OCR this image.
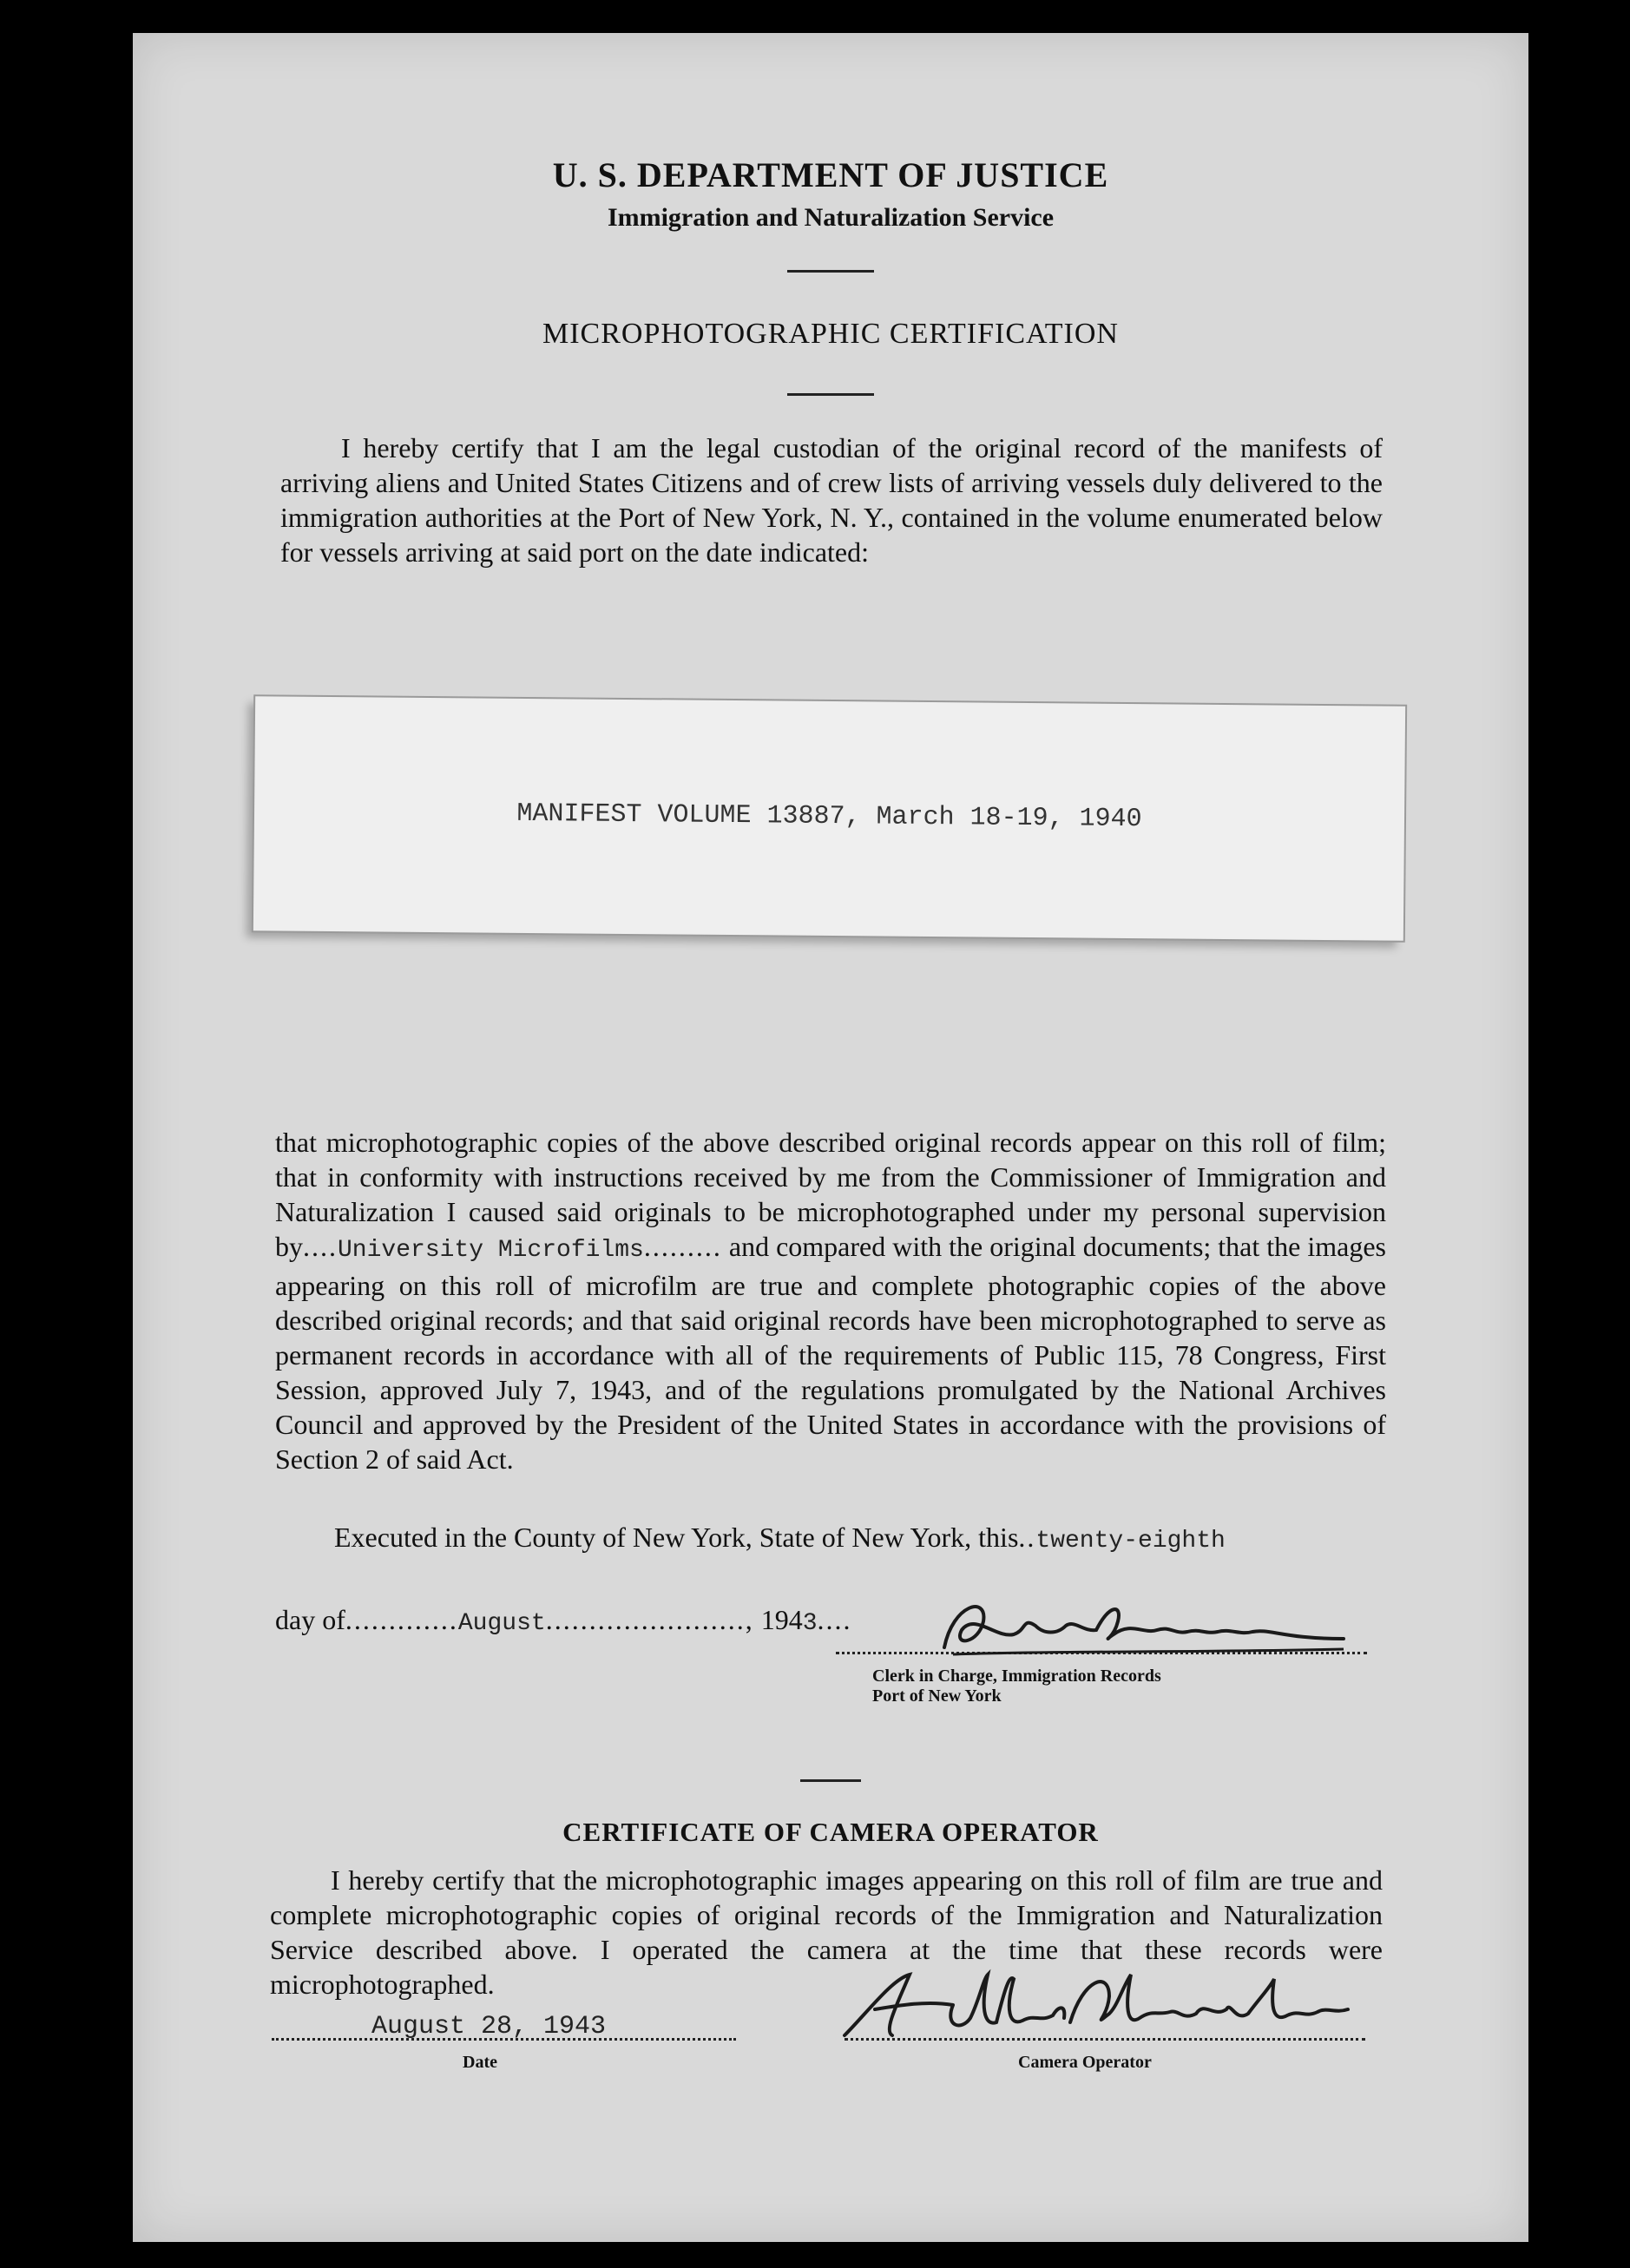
U. S. DEPARTMENT OF JUSTICE
Immigration and Naturalization Service
MICROPHOTOGRAPHIC CERTIFICATION
I hereby certify that I am the legal custodian of the original record of the manifests of arriving aliens and United States Citizens and of crew lists of arriving vessels duly delivered to the immigration authorities at the Port of New York, N. Y., contained in the volume enumerated below for vessels arriving at said port on the date indicated:
MANIFEST VOLUME 13887, March 18-19, 1940
that microphotographic copies of the above described original records appear on this roll of film; that in conformity with instructions received by me from the Commissioner of Immigration and Naturalization I caused said originals to be microphotographed under my personal supervision by....University Microfilms......... and compared with the original documents; that the images appearing on this roll of microfilm are true and complete photographic copies of the above described original records; and that said original records have been microphotographed to serve as permanent records in accordance with all of the requirements of Public 115, 78 Congress, First Session, approved July 7, 1943, and of the regulations promulgated by the National Archives Council and approved by the President of the United States in accordance with the provisions of Section 2 of said Act.
Executed in the County of New York, State of New York, this..twenty-eighth
day of.............August......................., 1943....
Clerk in Charge, Immigration Records
Port of New York
CERTIFICATE OF CAMERA OPERATOR
I hereby certify that the microphotographic images appearing on this roll of film are true and complete microphotographic copies of original records of the Immigration and Naturalization Service described above. I operated the camera at the time that these records were microphotographed.
August 28, 1943
Date	Camera Operator
